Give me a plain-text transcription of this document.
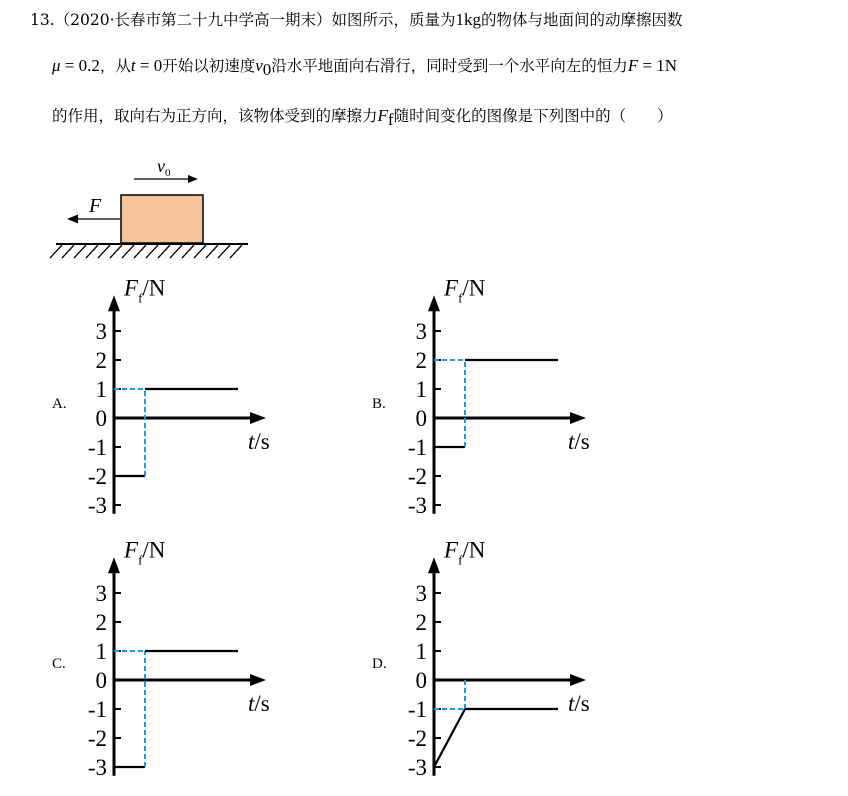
13.（2020·长春市第二十九中学高一期末）如图所示，质量为1kg的物体与地面间的动摩擦因数
μ = 0.2，从t = 0开始以初速度$v_0$沿水平地面向右滑行，同时受到一个水平向左的恒力F = 1N
的作用，取向右为正方向，该物体受到的摩擦力$F_f$随时间变化的图像是下列图中的（　　）
$v_0$
F
A.
3
2
1
0
-1
-2
-3
$F_f/N$
t/s
B.
3
2
1
0
-1
-2
-3
$F_f/N$
t/s
C.
3
2
1
0
-1
-2
-3
$F_f/N$
t/s
D.
3
2
1
0
-1
-2
-3
$F_f/N$
t/s
